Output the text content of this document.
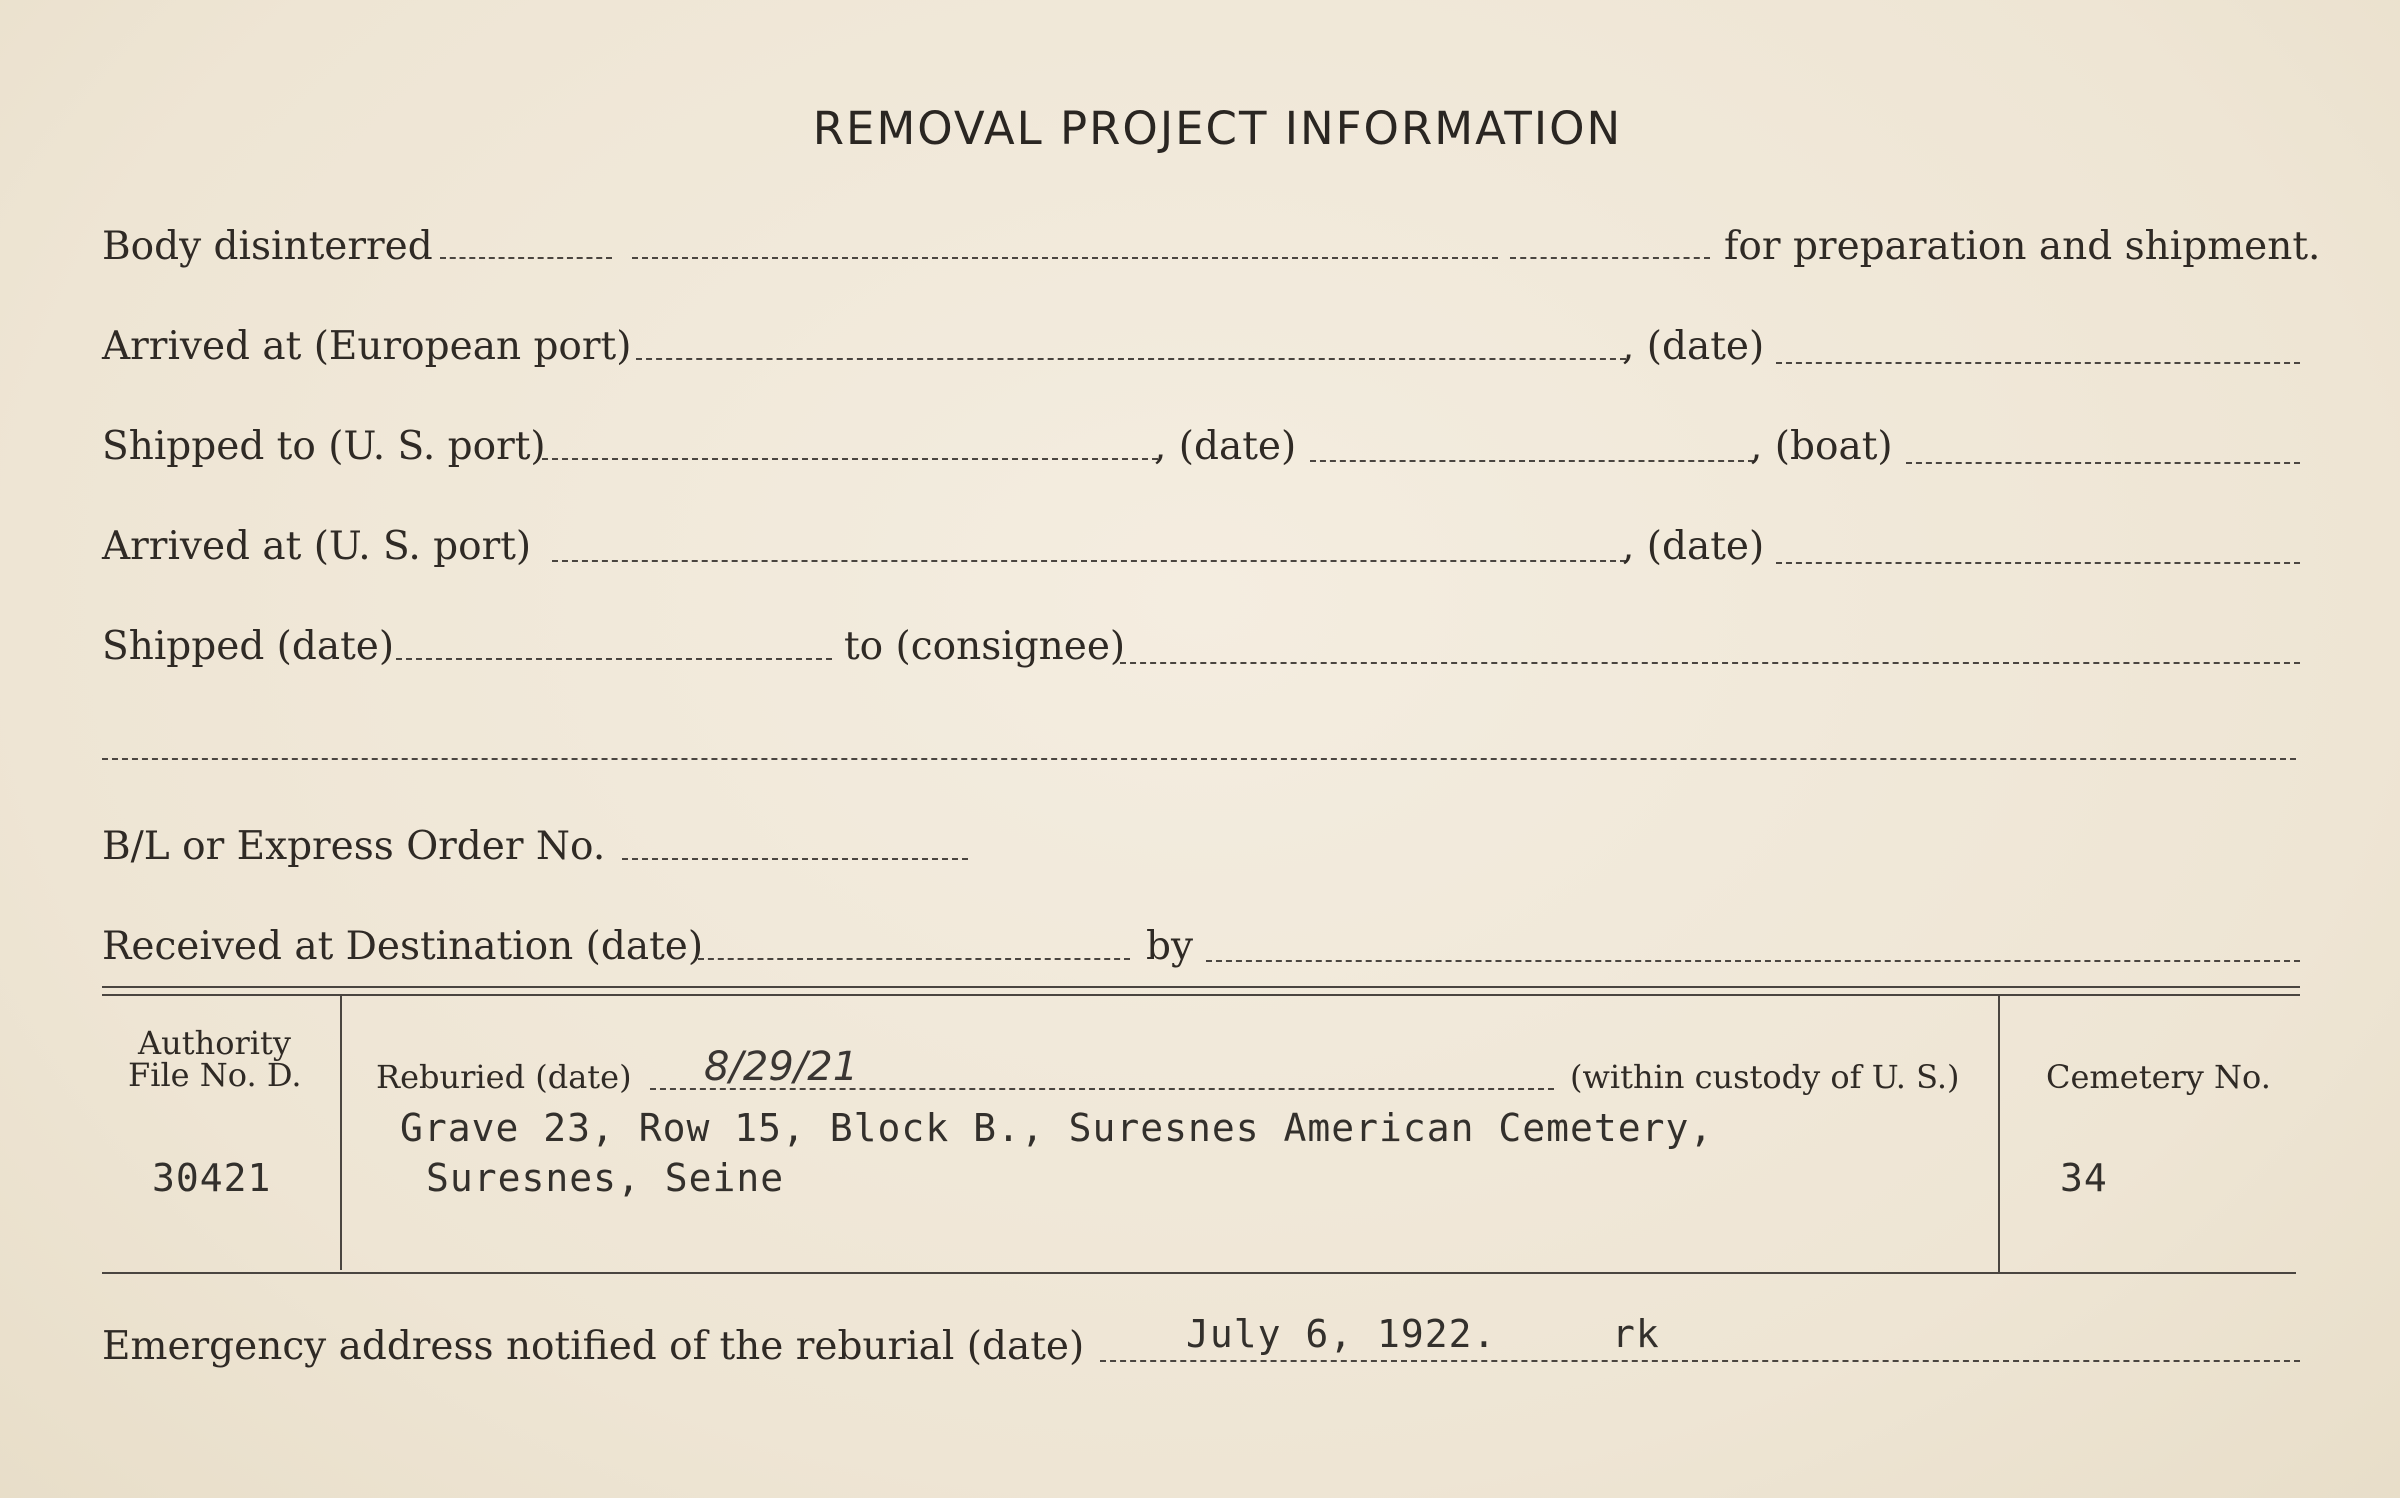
REMOVAL PROJECT INFORMATION
Body disinterred	for preparation and shipment.
Arrived at (European port)	, (date)
Shipped to (U. S. port)	, (date)	, (boat)
Arrived at (U. S. port)	, (date)
Shipped (date)	to (consignee)
B/L or Express Order No.
Received at Destination (date)	by
Authority
File No. D.
30421
Reburied (date) 8/29/21	(within custody of U. S.)
Grave 23, Row 15, Block B., Suresnes American Cemetery,
Suresnes, Seine
Cemetery No.
34
Emergency address notified of the reburial (date)	July 6, 1922.	rk
